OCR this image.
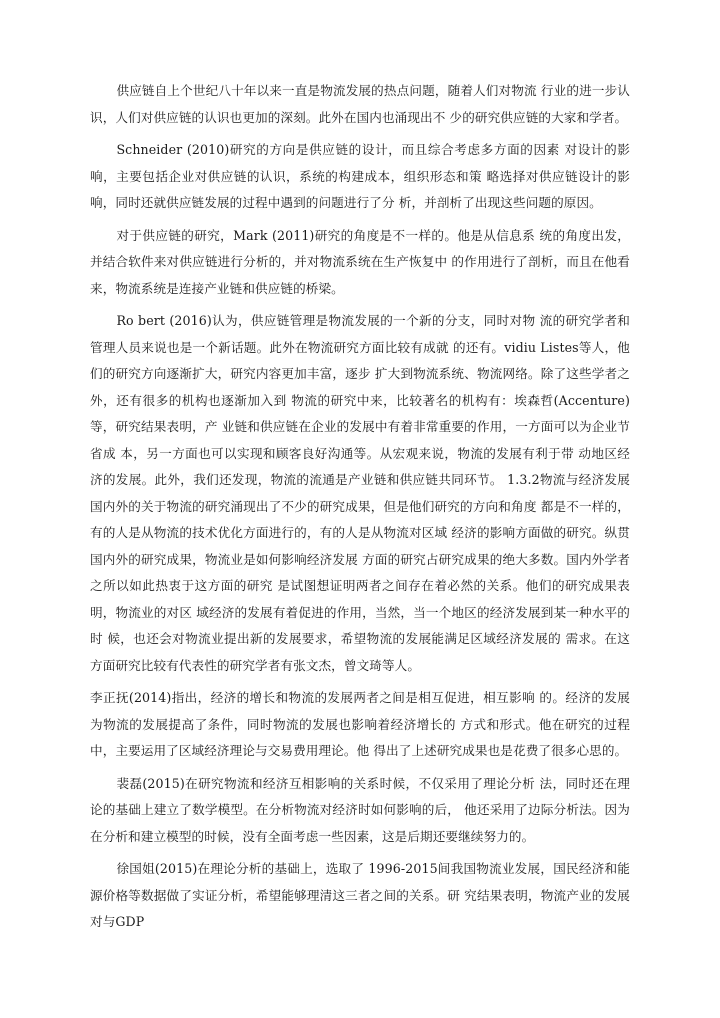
供应链自上个世纪八十年以来一直是物流发展的热点问题，随着人们对物流 行业的进一步认识，人们对供应链的认识也更加的深刻。此外在国内也涌现出不 少的研究供应链的大家和学者。

Schneider (2010)研究的方向是供应链的设计，而且综合考虑多方面的因素 对设计的影响，主要包括企业对供应链的认识，系统的构建成本，组织形态和策 略选择对供应链设计的影响，同时还就供应链发展的过程中遇到的问题进行了分 析，并剖析了出现这些问题的原因。

对于供应链的研究，Mark (2011)研究的角度是不一样的。他是从信息系 统的角度出发，并结合软件来对供应链进行分析的，并对物流系统在生产恢复中 的作用进行了剖析，而且在他看来，物流系统是连接产业链和供应链的桥梁。

Ro bert (2016)认为，供应链管理是物流发展的一个新的分支，同时对物 流的研究学者和管理人员来说也是一个新话题。此外在物流研究方面比较有成就 的还有。vidiu Listes等人，他们的研究方向逐渐扩大，研究内容更加丰富，逐步 扩大到物流系统、物流网络。除了这些学者之外，还有很多的机构也逐渐加入到 物流的研究中来，比较著名的机构有：埃森哲(Accenture)等，研究结果表明，产 业链和供应链在企业的发展中有着非常重要的作用，一方面可以为企业节省成 本，另一方面也可以实现和顾客良好沟通等。从宏观来说，物流的发展有利于带 动地区经济的发展。此外，我们还发现，物流的流通是产业链和供应链共同环节。 1.3.2物流与经济发展 国内外的关于物流的研究涌现出了不少的研究成果，但是他们研究的方向和角度 都是不一样的，有的人是从物流的技术优化方面进行的，有的人是从物流对区域 经济的影响方面做的研究。纵贯国内外的研究成果，物流业是如何影响经济发展 方面的研究占研究成果的绝大多数。国内外学者之所以如此热衷于这方面的研究 是试图想证明两者之间存在着必然的关系。他们的研究成果表明，物流业的对区 域经济的发展有着促进的作用，当然，当一个地区的经济发展到某一种水平的时 候，也还会对物流业提出新的发展要求，希望物流的发展能满足区域经济发展的 需求。在这方面研究比较有代表性的研究学者有张文杰，曾文琦等人。

李正抚(2014)指出，经济的增长和物流的发展两者之间是相互促进，相互影响 的。经济的发展为物流的发展提高了条件，同时物流的发展也影响着经济增长的 方式和形式。他在研究的过程中，主要运用了区域经济理论与交易费用理论。他 得出了上述研究成果也是花费了很多心思的。

裴磊(2015)在研究物流和经济互相影响的关系时候，不仅采用了理论分析 法，同时还在理论的基础上建立了数学模型。在分析物流对经济时如何影响的后， 他还采用了边际分析法。因为在分析和建立模型的时候，没有全面考虑一些因素，这是后期还要继续努力的。

徐国姐(2015)在理论分析的基础上，选取了 1996-2015间我国物流业发展，国民经济和能源价格等数据做了实证分析，希望能够理清这三者之间的关系。研 究结果表明，物流产业的发展对与GDP
